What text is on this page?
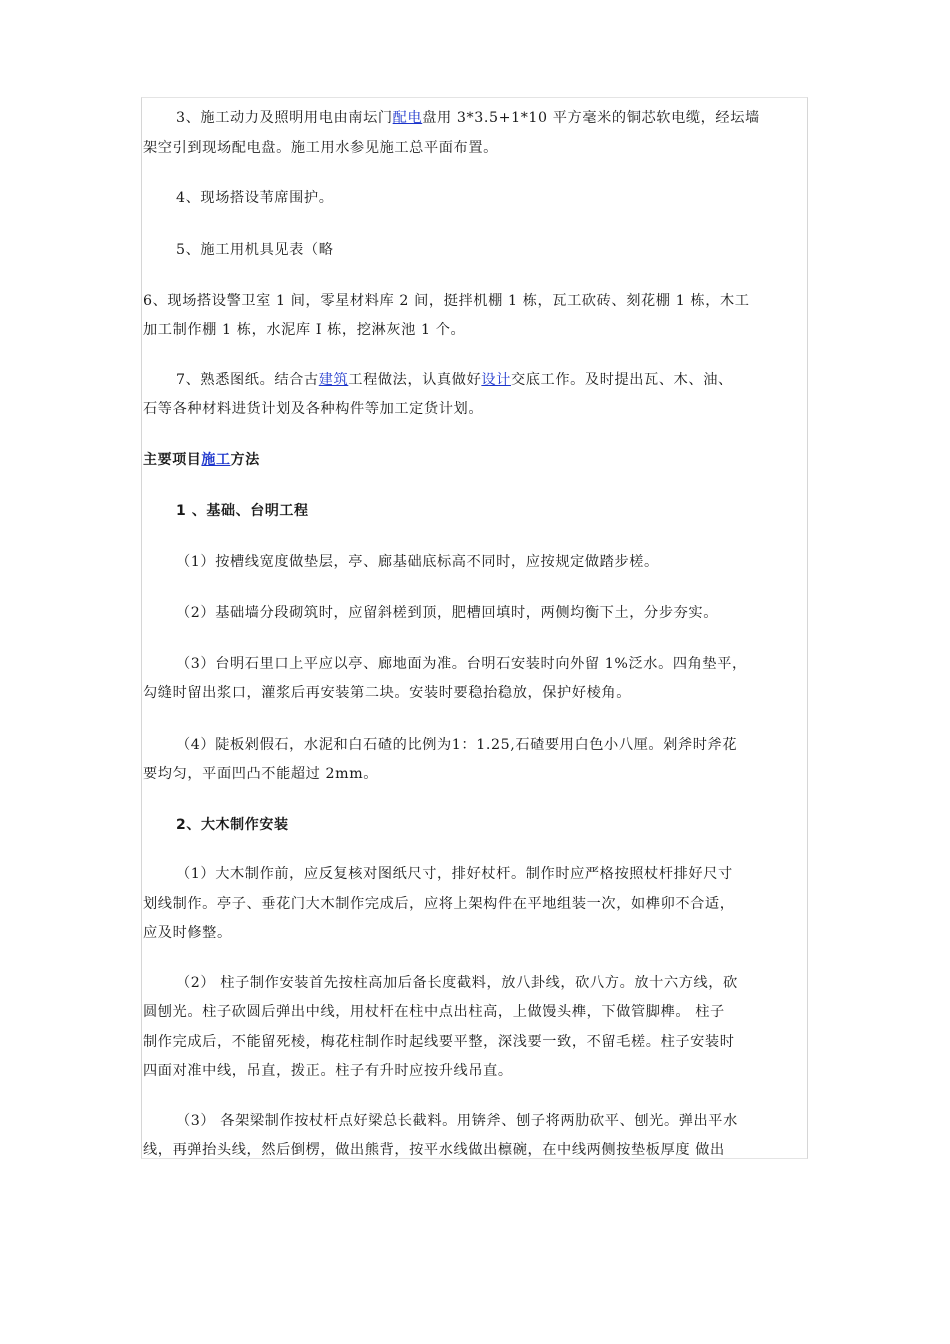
3、施工动力及照明用电由南坛门配电盘用 3*3.5+1*10 平方毫米的铜芯软电缆，经坛墙
架空引到现场配电盘。施工用水参见施工总平面布置。
4、现场搭设苇席围护。
5、施工用机具见表（略
6、现场搭设警卫室 1 间，零星材料库 2 间，挺拌机棚 1 栋，瓦工砍砖、刻花棚 1 栋，木工
加工制作棚 1 栋，水泥库 I 栋，挖淋灰池 1 个。
7、熟悉图纸。结合古建筑工程做法，认真做好设计交底工作。及时提出瓦、木、油、
石等各种材料进货计划及各种构件等加工定货计划。
主要项目施工方法
1 、基础、台明工程
（1）按槽线宽度做垫层，亭、廊基础底标高不同时，应按规定做踏步槎。
（2）基础墙分段砌筑时，应留斜槎到顶，肥槽回填时，两侧均衡下土，分步夯实。
（3）台明石里口上平应以亭、廊地面为准。台明石安装时向外留 1%泛水。四角垫平，
勾缝时留出浆口，灌浆后再安装第二块。安装时要稳抬稳放，保护好棱角。
（4）陡板剁假石，水泥和白石碴的比例为1：1.25,石碴要用白色小八厘。剁斧时斧花
要均匀，平面凹凸不能超过 2mm。
2、大木制作安装
（1）大木制作前，应反复核对图纸尺寸，排好杖杆。制作时应严格按照杖杆排好尺寸
划线制作。亭子、垂花门大木制作完成后，应将上架构件在平地组装一次，如榫卯不合适，
应及时修整。
（2） 柱子制作安装首先按柱高加后备长度截料，放八卦线，砍八方。放十六方线，砍
圆刨光。柱子砍圆后弹出中线，用杖杆在柱中点出柱高，上做馒头榫，下做管脚榫。 柱子
制作完成后，不能留死棱，梅花柱制作时起线要平整，深浅要一致，不留毛槎。柱子安装时
四面对准中线，吊直，拨正。柱子有升时应按升线吊直。
（3） 各架梁制作按杖杆点好梁总长截料。用锛斧、刨子将两肋砍平、刨光。弹出平水
线，再弹抬头线，然后倒楞，做出熊背，按平水线做出檩碗，在中线两侧按垫板厚度 做出
